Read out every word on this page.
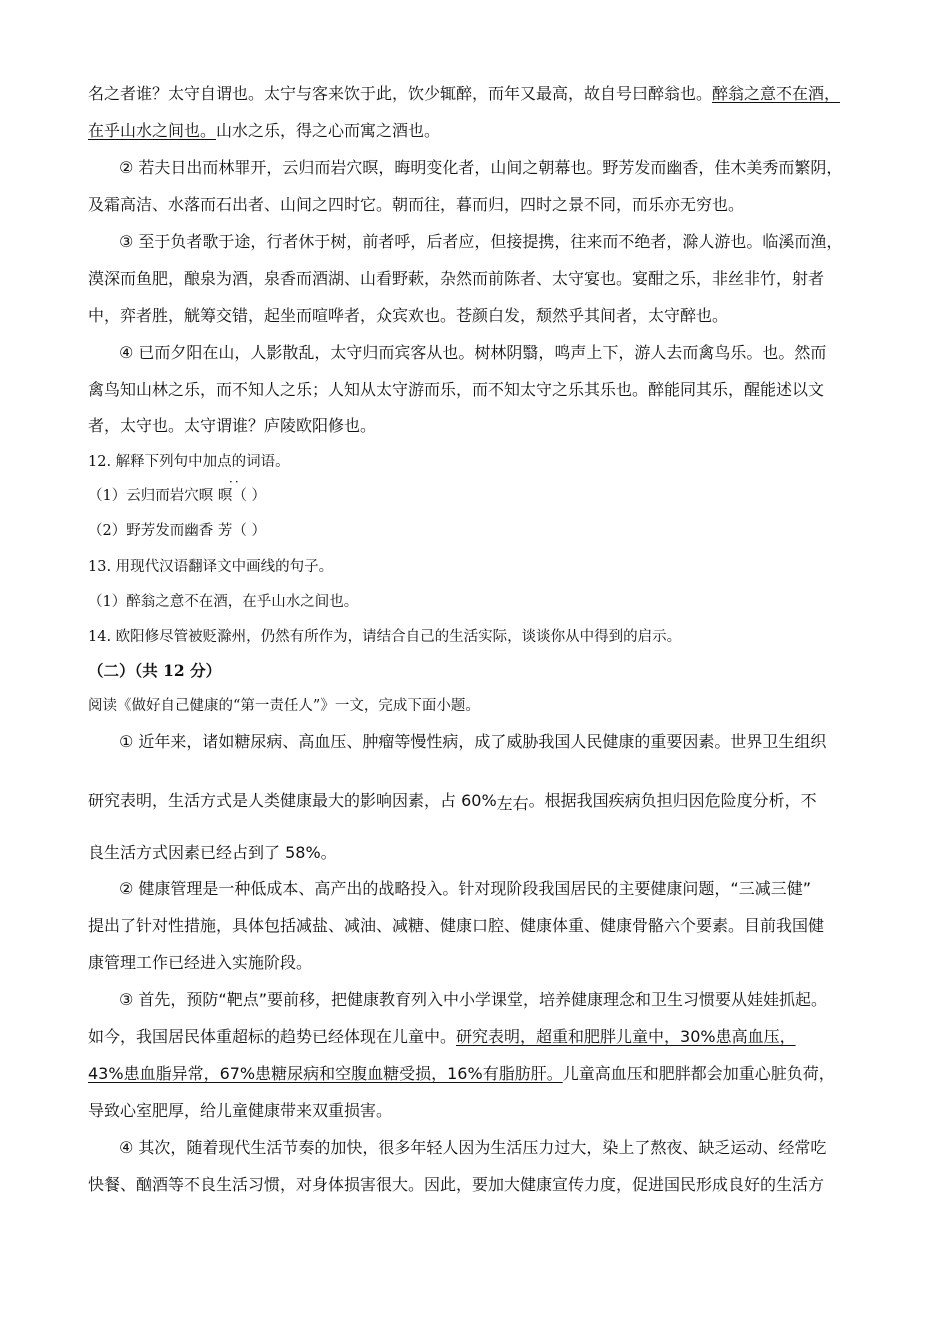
名之者谁？太守自谓也。太宁与客来饮于此，饮少辄醉，而年又最高，故自号曰醉翁也。醉翁之意不在酒，
在乎山水之间也。山水之乐，得之心而寓之酒也。
② 若夫日出而林罪开，云归而岩穴暝，晦明变化者，山间之朝幕也。野芳发而幽香，佳木美秀而繁阴，
及霜高洁、水落而石出者、山间之四时它。朝而往，暮而归，四时之景不同，而乐亦无穷也。
③ 至于负者歌于途，行者休于树，前者呼，后者应，但接提携，往来而不绝者，滁人游也。临溪而渔，
漠深而鱼肥，酿泉为酒，泉香而酒湖、山看野蔌，杂然而前陈者、太守宴也。宴酣之乐，非丝非竹，射者
中，弈者胜，觥筹交错，起坐而喧哗者，众宾欢也。苍颜白发，颓然乎其间者，太守醉也。
④ 已而夕阳在山，人影散乱，太守归而宾客从也。树林阴翳，鸣声上下，游人去而禽鸟乐。也。然而
禽鸟知山林之乐，而不知人之乐；人知从太守游而乐，而不知太守之乐其乐也。醉能同其乐，醒能述以文
者，太守也。太守谓谁？庐陵欧阳修也。
12. 解释下列句中加点的词语。
··
（1）云归而岩穴暝 暝（ ）
（2）野芳发而幽香 芳（ ）
13. 用现代汉语翻译文中画线的句子。
（1）醉翁之意不在酒，在乎山水之间也。
14. 欧阳修尽管被贬滁州，仍然有所作为，请结合自己的生活实际，谈谈你从中得到的启示。
（二）（共 12 分）
阅读《做好自己健康的“第一责任人”》一文，完成下面小题。
① 近年来，诸如糖尿病、高血压、肿瘤等慢性病，成了威胁我国人民健康的重要因素。世界卫生组织
研究表明，生活方式是人类健康最大的影响因素，占 60%左右。根据我国疾病负担归因危险度分析，不
良生活方式因素已经占到了 58%。
② 健康管理是一种低成本、高产出的战略投入。针对现阶段我国居民的主要健康问题，“三减三健”
提出了针对性措施，具体包括减盐、减油、减糖、健康口腔、健康体重、健康骨骼六个要素。目前我国健
康管理工作已经进入实施阶段。
③ 首先，预防“靶点”要前移，把健康教育列入中小学课堂，培养健康理念和卫生习惯要从娃娃抓起。
如今，我国居民体重超标的趋势已经体现在儿童中。研究表明，超重和肥胖儿童中，30%患高血压，
43%患血脂异常，67%患糖尿病和空腹血糖受损，16%有脂肪肝。儿童高血压和肥胖都会加重心脏负荷，
导致心室肥厚，给儿童健康带来双重损害。
④ 其次，随着现代生活节奏的加快，很多年轻人因为生活压力过大，染上了熬夜、缺乏运动、经常吃
快餐、酗酒等不良生活习惯，对身体损害很大。因此，要加大健康宣传力度，促进国民形成良好的生活方
